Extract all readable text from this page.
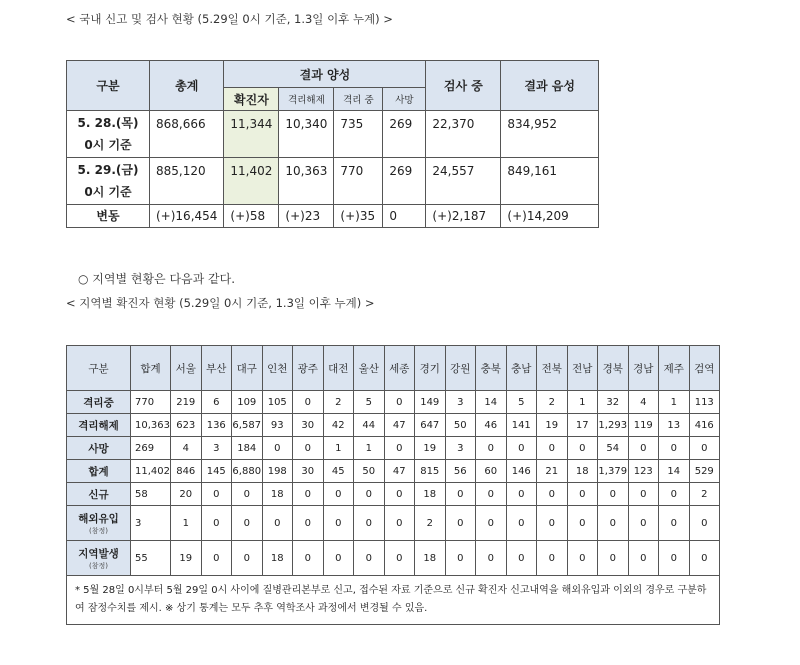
< 국내 신고 및 검사 현황 (5.29일 0시 기준, 1.3일 이후 누계) >
구분	총계	결과 양성				검사 중	결과 음성
		확진자	격리해제	격리 중	사망		
5. 28.(목)
0시 기준	868,666	11,344	10,340	735	269	22,370	834,952
5. 29.(금)
0시 기준	885,120	11,402	10,363	770	269	24,557	849,161
변동	(+)16,454	(+)58	(+)23	(+)35	0	(+)2,187	(+)14,209
○ 지역별 현황은 다음과 같다.
< 지역별 확진자 현황 (5.29일 0시 기준, 1.3일 이후 누계) >
구분	합계	서울	부산	대구	인천	광주	대전	울산	세종	경기	강원	충북	충남	전북	전남	경북	경남	제주	검역
격리중	770	219	6	109	105	0	2	5	0	149	3	14	5	2	1	32	4	1	113
격리해제	10,363	623	136	6,587	93	30	42	44	47	647	50	46	141	19	17	1,293	119	13	416
사망	269	4	3	184	0	0	1	1	0	19	3	0	0	0	0	54	0	0	0
합계	11,402	846	145	6,880	198	30	45	50	47	815	56	60	146	21	18	1,379	123	14	529
신규	58	20	0	0	18	0	0	0	0	18	0	0	0	0	0	0	0	0	2
해외유입
(참정)	3	1	0	0	0	0	0	0	0	2	0	0	0	0	0	0	0	0	0
지역발생
(참정)	55	19	0	0	18	0	0	0	0	18	0	0	0	0	0	0	0	0	0
* 5월 28일 0시부터 5월 29일 0시 사이에 질병관리본부로 신고, 접수된 자료 기준으로 신규 확진자 신고내역을 해외유입과 이외의 경우로 구분하여 잠정수치를 제시. ※ 상기 통계는 모두 추후 역학조사 과정에서 변경될 수 있음.																			
